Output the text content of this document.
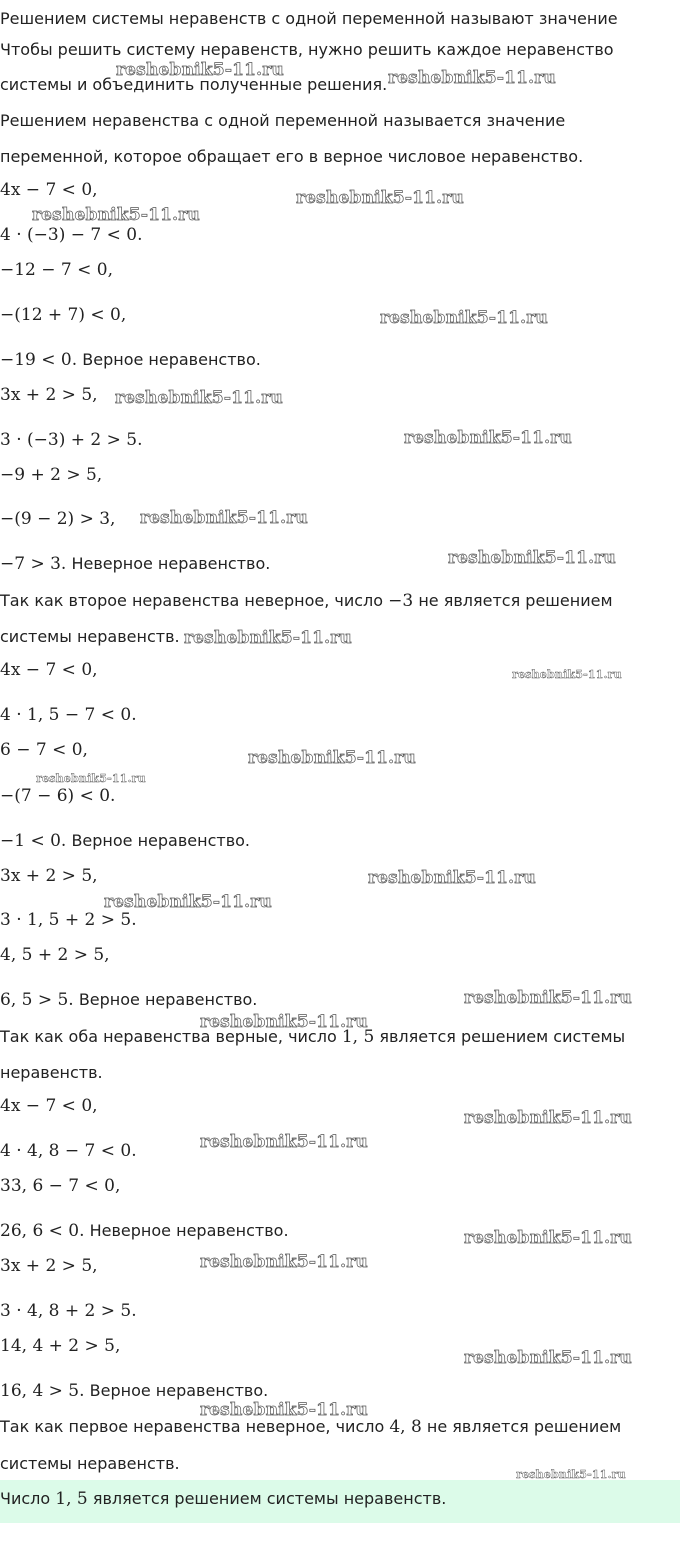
Решением системы неравенств с одной переменной называют значение
Чтобы решить систему неравенств, нужно решить каждое неравенство
системы и объединить полученные решения.
Решением неравенства с одной переменной называется значение
переменной, которое обращает его в верное числовое неравенство.
4x − 7 < 0,
4 · (−3) − 7 < 0.
−12 − 7 < 0,
−(12 + 7) < 0,
−19 < 0. Верное неравенство.
3x + 2 > 5,
3 · (−3) + 2 > 5.
−9 + 2 > 5,
−(9 − 2) > 3,
−7 > 3. Неверное неравенство.
Так как второе неравенства неверное, число −3 не является решением
системы неравенств.
4x − 7 < 0,
4 · 1, 5 − 7 < 0.
6 − 7 < 0,
−(7 − 6) < 0.
−1 < 0. Верное неравенство.
3x + 2 > 5,
3 · 1, 5 + 2 > 5.
4, 5 + 2 > 5,
6, 5 > 5. Верное неравенство.
Так как оба неравенства верные, число 1, 5 является решением системы
неравенств.
4x − 7 < 0,
4 · 4, 8 − 7 < 0.
33, 6 − 7 < 0,
26, 6 < 0. Неверное неравенство.
3x + 2 > 5,
3 · 4, 8 + 2 > 5.
14, 4 + 2 > 5,
16, 4 > 5. Верное неравенство.
Так как первое неравенства неверное, число 4, 8 не является решением
системы неравенств.
Число 1, 5 является решением системы неравенств.
reshebnik5-11.ru	reshebnik5-11.ru
reshebnik5-11.ru
reshebnik5-11.ru
reshebnik5-11.ru
reshebnik5-11.ru
reshebnik5-11.ru
reshebnik5-11.ru
reshebnik5-11.ru
reshebnik5-11.ru
reshebnik5-11.ru
reshebnik5-11.ru
reshebnik5-11.ru
reshebnik5-11.ru
reshebnik5-11.ru
reshebnik5-11.ru
reshebnik5-11.ru
reshebnik5-11.ru
reshebnik5-11.ru
reshebnik5-11.ru
reshebnik5-11.ru
reshebnik5-11.ru
reshebnik5-11.ru
reshebnik5-11.ru
